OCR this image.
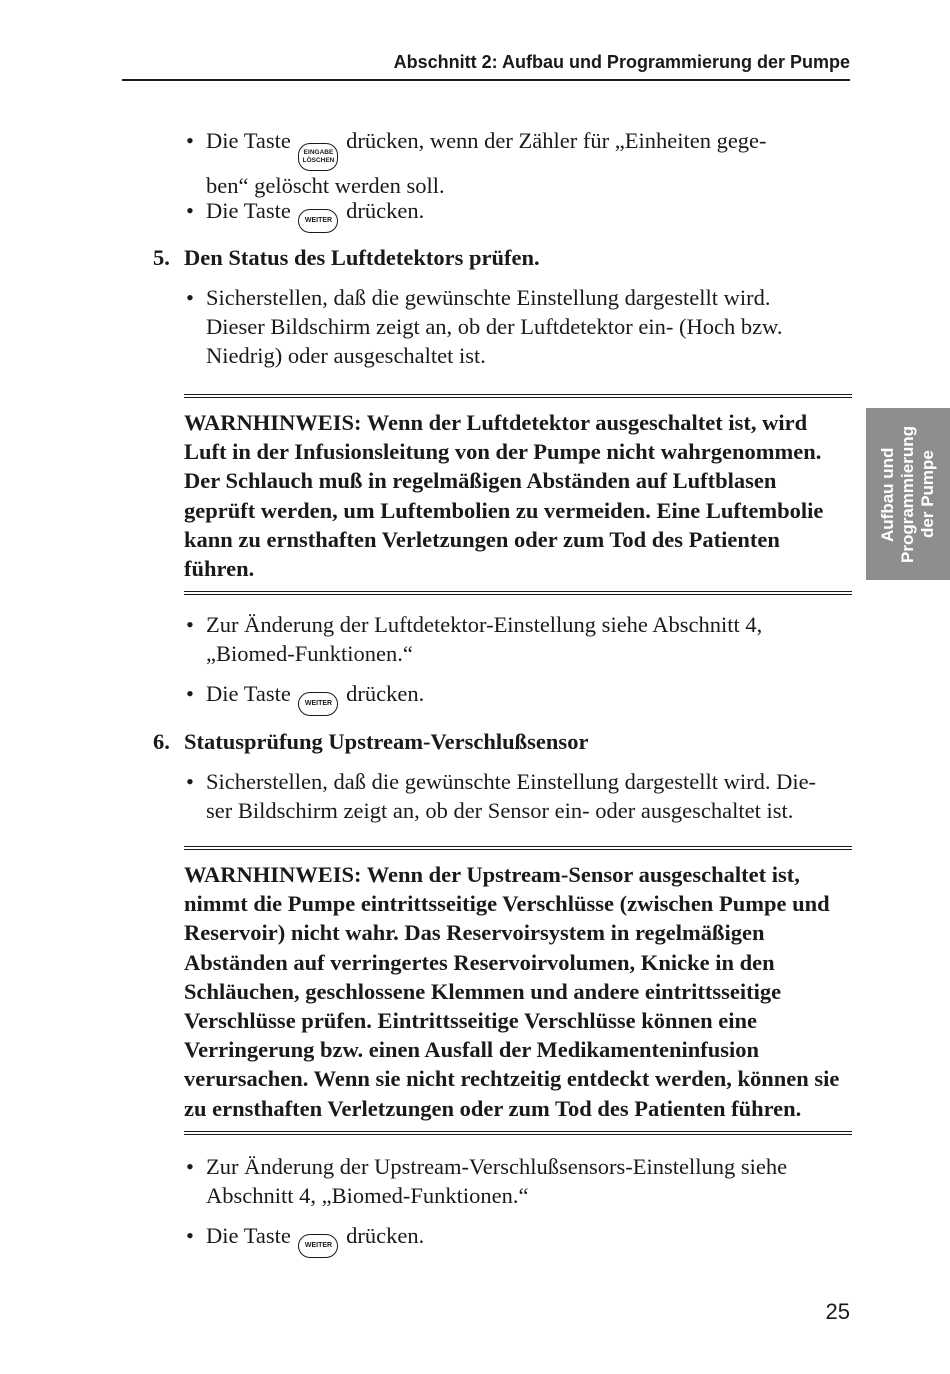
Abschnitt 2: Aufbau und Programmierung der Pumpe
Aufbau und
Programmierung
der Pumpe
• Die Taste EINGABE
LÖSCHEN
drücken, wenn der Zähler für „Einheiten gege-
ben“ gelöscht werden soll.
• Die Taste WEITER drücken.
5. Den Status des Luftdetektors prüfen.
• Sicherstellen, daß die gewünschte Einstellung dargestellt wird.
Dieser Bildschirm zeigt an, ob der Luftdetektor ein- (Hoch bzw.
Niedrig) oder ausgeschaltet ist.
WARNHINWEIS: Wenn der Luftdetektor ausgeschaltet ist, wird Luft in der Infusionsleitung von der Pumpe nicht wahrgenommen. Der Schlauch muß in regelmäßigen Abständen auf Luftblasen geprüft werden, um Luftembolien zu vermeiden. Eine Luftembolie kann zu ernsthaften Verletzungen oder zum Tod des Patienten führen.
• Zur Änderung der Luftdetektor-Einstellung siehe Abschnitt 4,
„Biomed-Funktionen.“
• Die Taste WEITER drücken.
6. Statusprüfung Upstream-Verschlußsensor
• Sicherstellen, daß die gewünschte Einstellung dargestellt wird. Die-
ser Bildschirm zeigt an, ob der Sensor ein- oder ausgeschaltet ist.
WARNHINWEIS: Wenn der Upstream-Sensor ausgeschaltet ist, nimmt die Pumpe eintrittsseitige Verschlüsse (zwischen Pumpe und Reservoir) nicht wahr. Das Reservoirsystem in regelmäßigen Abständen auf verringertes Reservoirvolumen, Knicke in den Schläuchen, geschlossene Klemmen und andere eintrittsseitige Verschlüsse prüfen. Eintrittsseitige Verschlüsse können eine Verringerung bzw. einen Ausfall der Medikamenteninfusion verursachen. Wenn sie nicht rechtzeitig entdeckt werden, können sie zu ernsthaften Verletzungen oder zum Tod des Patienten führen.
• Zur Änderung der Upstream-Verschlußsensors-Einstellung siehe
Abschnitt 4, „Biomed-Funktionen.“
• Die Taste WEITER drücken.
25
